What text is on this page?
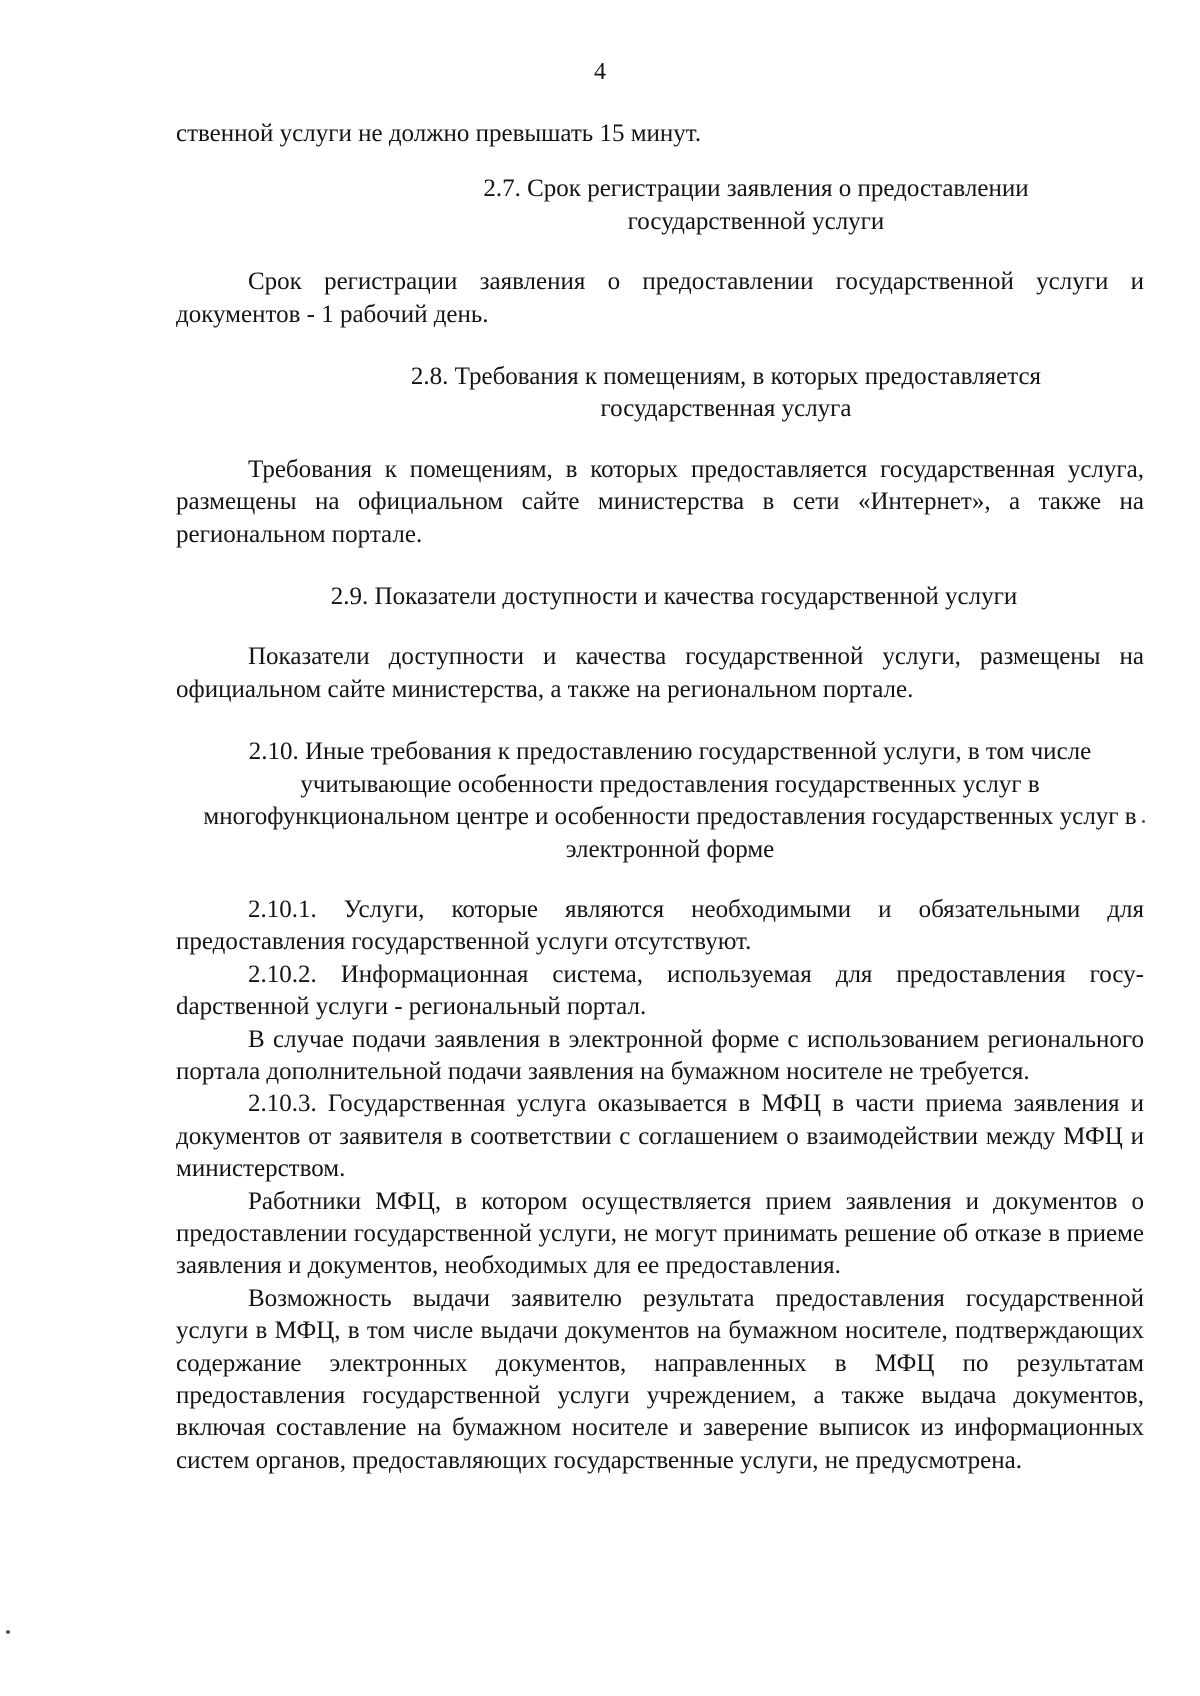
4

ственной услуги не должно превышать 15 минут.

2.7. Срок регистрации заявления о предоставлении

государственной услуги

Срок регистрации заявления о предоставлении государственной услуги и документов - 1 рабочий день.

2.8. Требования к помещениям, в которых предоставляется

государственная услуга

Требования к помещениям, в которых предоставляется государственная услуга, размещены на официальном сайте министерства в сети «Интернет», а также на региональном портале.

2.9. Показатели доступности и качества государственной услуги

Показатели доступности и качества государственной услуги, размещены на официальном сайте министерства, а также на региональном портале.

2.10. Иные требования к предоставлению государственной услуги, в том числе учитывающие особенности предоставления государственных услуг в многофункциональном центре и особенности предоставления государственных услуг в электронной форме

2.10.1. Услуги, которые являются необходимыми и обязательными для предоставления государственной услуги отсутствуют.

2.10.2. Информационная система, используемая для предоставления госуdарственной услуги - региональный портал.

В случае подачи заявления в электронной форме с использованием регионального портала дополнительной подачи заявления на бумажном носителе не требуется.

2.10.3. Государственная услуга оказывается в МФЦ в части приема заявления и документов от заявителя в соответствии с соглашением о взаимодействии между МФЦ и министерством.

Работники МФЦ, в котором осуществляется прием заявления и документов о предоставлении государственной услуги, не могут принимать решение об отказе в приеме заявления и документов, необходимых для ее предоставления.

Возможность выдачи заявителю результата предоставления государственной услуги в МФЦ, в том числе выдачи документов на бумажном носителе, подтверждающих содержание электронных документов, направленных в МФЦ по результатам предоставления государственной услуги учреждением, а также выдача документов, включая составление на бумажном носителе и заверение выписок из информационных систем органов, предоставляющих государственные услуги, не предусмотрена.
